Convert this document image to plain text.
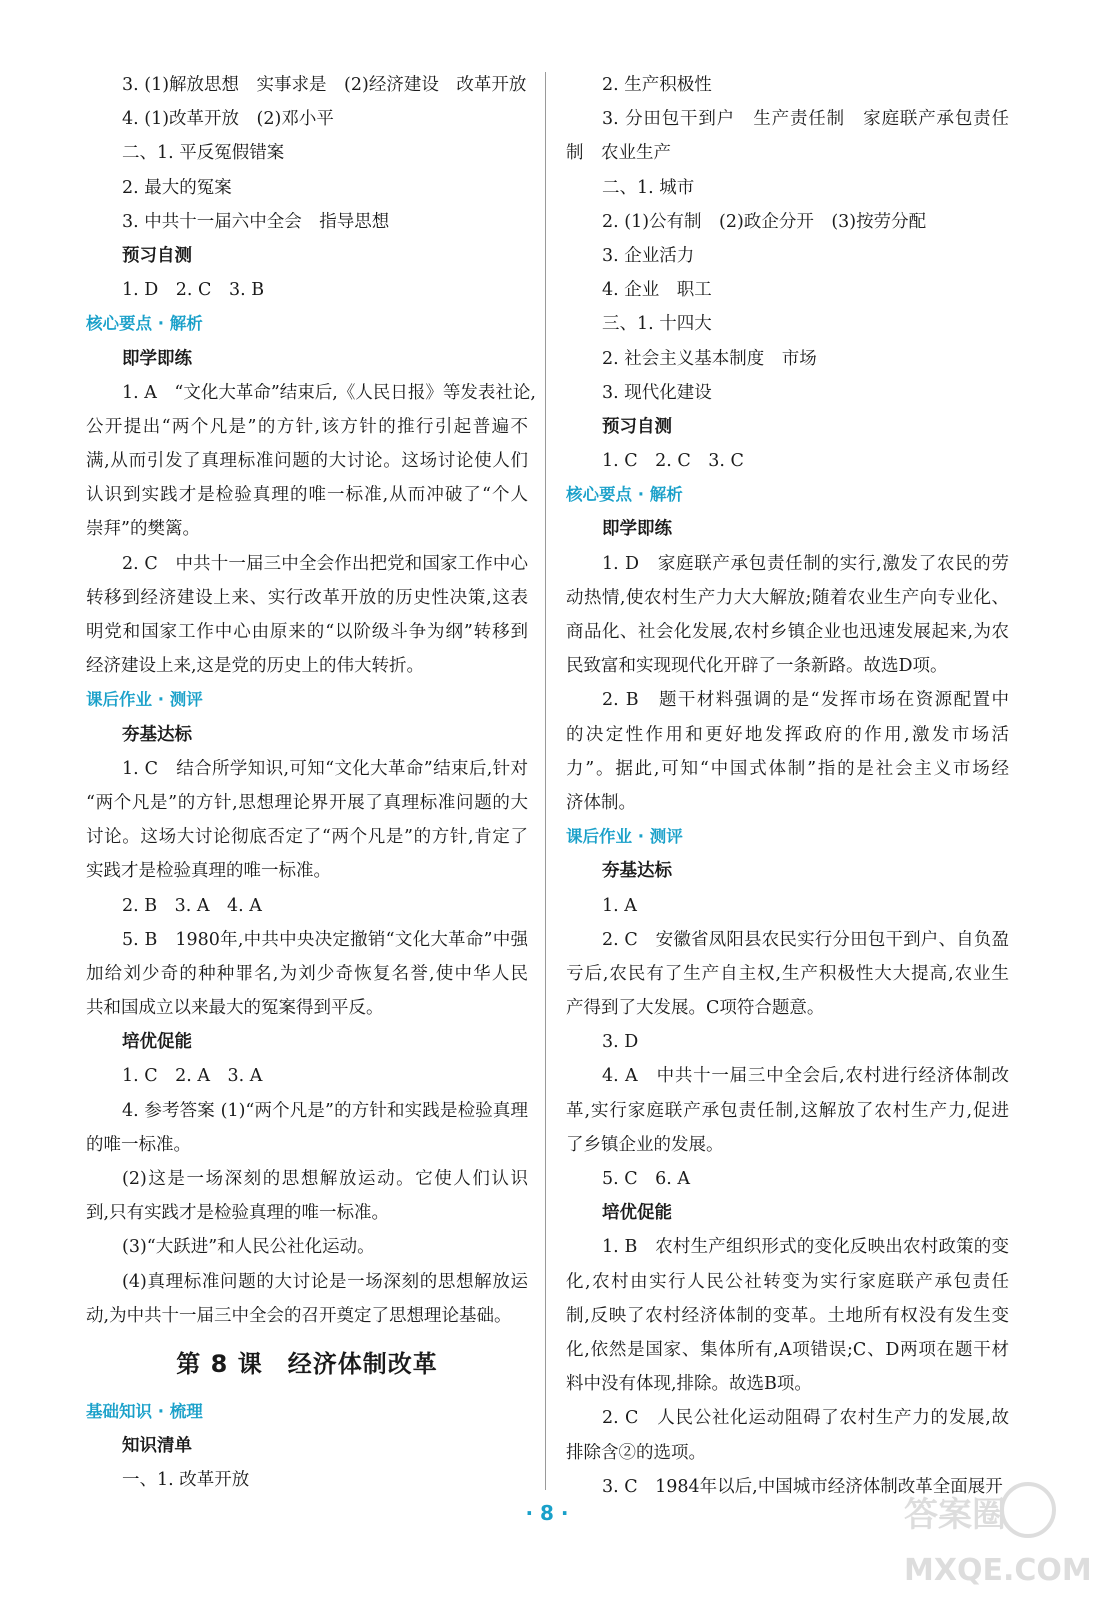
3. (1)解放思想　实事求是　(2)经济建设　改革开放
4. (1)改革开放　(2)邓小平
二、1. 平反冤假错案
2. 最大的冤案
3. 中共十一届六中全会　指导思想
预习自测
1. D　2. C　3. B
核心要点 · 解析
即学即练
1. A　“文化大革命”结束后,《人民日报》等发表社论,
公开提出“两个凡是”的方针,该方针的推行引起普遍不
满,从而引发了真理标准问题的大讨论。这场讨论使人们
认识到实践才是检验真理的唯一标准,从而冲破了“个人
崇拜”的樊篱。
2. C　中共十一届三中全会作出把党和国家工作中心
转移到经济建设上来、实行改革开放的历史性决策,这表
明党和国家工作中心由原来的“以阶级斗争为纲”转移到
经济建设上来,这是党的历史上的伟大转折。
课后作业 · 测评
夯基达标
1. C　结合所学知识,可知“文化大革命”结束后,针对
“两个凡是”的方针,思想理论界开展了真理标准问题的大
讨论。这场大讨论彻底否定了“两个凡是”的方针,肯定了
实践才是检验真理的唯一标准。
2. B　3. A　4. A
5. B　1980年,中共中央决定撤销“文化大革命”中强
加给刘少奇的种种罪名,为刘少奇恢复名誉,使中华人民
共和国成立以来最大的冤案得到平反。
培优促能
1. C　2. A　3. A
4. 参考答案 (1)“两个凡是”的方针和实践是检验真理
的唯一标准。
(2)这是一场深刻的思想解放运动。它使人们认识
到,只有实践才是检验真理的唯一标准。
(3)“大跃进”和人民公社化运动。
(4)真理标准问题的大讨论是一场深刻的思想解放运
动,为中共十一届三中全会的召开奠定了思想理论基础。
第 8 课　经济体制改革
基础知识 · 梳理
知识清单
一、1. 改革开放
2. 生产积极性
3. 分田包干到户　生产责任制　家庭联产承包责任
制　农业生产
二、1. 城市
2. (1)公有制　(2)政企分开　(3)按劳分配
3. 企业活力
4. 企业　职工
三、1. 十四大
2. 社会主义基本制度　市场
3. 现代化建设
预习自测
1. C　2. C　3. C
核心要点 · 解析
即学即练
1. D　家庭联产承包责任制的实行,激发了农民的劳
动热情,使农村生产力大大解放;随着农业生产向专业化、
商品化、社会化发展,农村乡镇企业也迅速发展起来,为农
民致富和实现现代化开辟了一条新路。故选D项。
2. B　题干材料强调的是“发挥市场在资源配置中
的决定性作用和更好地发挥政府的作用,激发市场活
力”。据此,可知“中国式体制”指的是社会主义市场经
济体制。
课后作业 · 测评
夯基达标
1. A
2. C　安徽省凤阳县农民实行分田包干到户、自负盈
亏后,农民有了生产自主权,生产积极性大大提高,农业生
产得到了大发展。C项符合题意。
3. D
4. A　中共十一届三中全会后,农村进行经济体制改
革,实行家庭联产承包责任制,这解放了农村生产力,促进
了乡镇企业的发展。
5. C　6. A
培优促能
1. B　农村生产组织形式的变化反映出农村政策的变
化,农村由实行人民公社转变为实行家庭联产承包责任
制,反映了农村经济体制的变革。土地所有权没有发生变
化,依然是国家、集体所有,A项错误;C、D两项在题干材
料中没有体现,排除。故选B项。
2. C　人民公社化运动阻碍了农村生产力的发展,故
排除含②的选项。
3. C　1984年以后,中国城市经济体制改革全面展开
· 8 ·	答案圈
MXQE.COM
